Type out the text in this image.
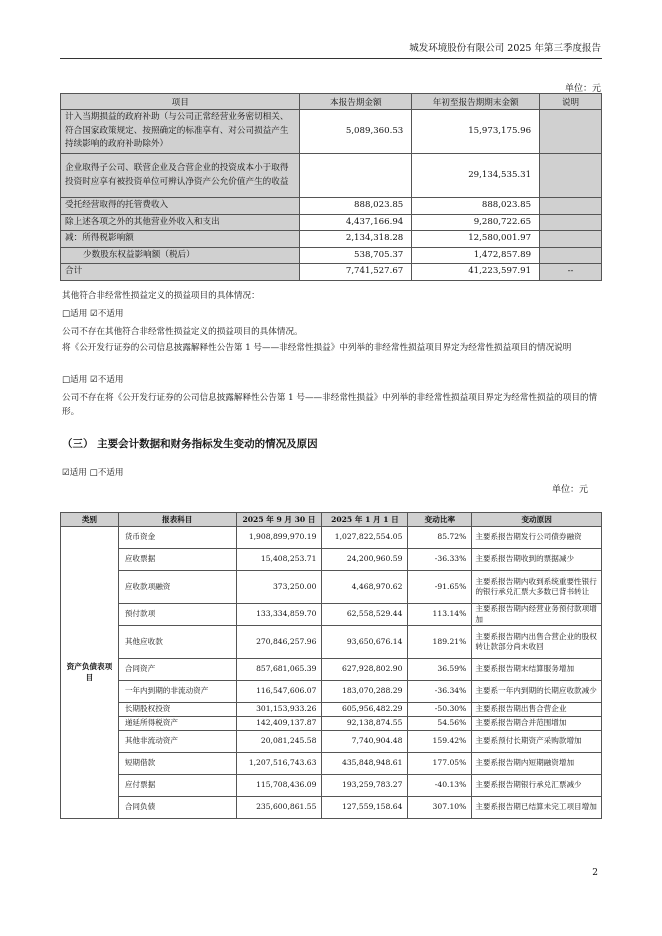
城发环境股份有限公司 2025 年第三季度报告
单位：元
项目	本报告期金额	年初至报告期期末金额	说明
计入当期损益的政府补助（与公司正常经营业务密切相关、符合国家政策规定、按照确定的标准享有、对公司损益产生持续影响的政府补助除外）	5,089,360.53	15,973,175.96	
企业取得子公司、联营企业及合营企业的投资成本小于取得投资时应享有被投资单位可辨认净资产公允价值产生的收益		29,134,535.31	
受托经营取得的托管费收入	888,023.85	888,023.85	
除上述各项之外的其他营业外收入和支出	4,437,166.94	9,280,722.65	
减：所得税影响额	2,134,318.28	12,580,001.97	
少数股东权益影响额（税后）	538,705.37	1,472,857.89	
合计	7,741,527.67	41,223,597.91	--
其他符合非经常性损益定义的损益项目的具体情况：
□适用 ☑不适用
公司不存在其他符合非经常性损益定义的损益项目的具体情况。
将《公开发行证券的公司信息披露解释性公告第 1 号——非经常性损益》中列举的非经常性损益项目界定为经常性损益项目的情况说明
□适用 ☑不适用
公司不存在将《公开发行证券的公司信息披露解释性公告第 1 号——非经常性损益》中列举的非经常性损益项目界定为经常性损益的项目的情形。
（三） 主要会计数据和财务指标发生变动的情况及原因
☑适用 □不适用
单位：元
类别	报表科目	2025 年 9 月 30 日	2025 年 1 月 1 日	变动比率	变动原因
资产负债表项目	货币资金	1,908,899,970.19	1,027,822,554.05	85.72%	主要系报告期发行公司债券融资
	应收票据	15,408,253.71	24,200,960.59	-36.33%	主要系报告期收到的票据减少
	应收款项融资	373,250.00	4,468,970.62	-91.65%	主要系报告期内收到系统重要性银行的银行承兑汇票大多数已背书转让
	预付款项	133,334,859.70	62,558,529.44	113.14%	主要系报告期内经营业务预付款项增加
	其他应收款	270,846,257.96	93,650,676.14	189.21%	主要系报告期内出售合营企业的股权转让款部分尚未收回
	合同资产	857,681,065.39	627,928,802.90	36.59%	主要系报告期末结算服务增加
	一年内到期的非流动资产	116,547,606.07	183,070,288.29	-36.34%	主要系一年内到期的长期应收款减少
	长期股权投资	301,153,933.26	605,956,482.29	-50.30%	主要系报告期出售合营企业
	递延所得税资产	142,409,137.87	92,138,874.55	54.56%	主要系报告期合并范围增加
	其他非流动资产	20,081,245.58	7,740,904.48	159.42%	主要系预付长期资产采购款增加
	短期借款	1,207,516,743.63	435,848,948.61	177.05%	主要系报告期内短期融资增加
	应付票据	115,708,436.09	193,259,783.27	-40.13%	主要系报告期银行承兑汇票减少
	合同负债	235,600,861.55	127,559,158.64	307.10%	主要系报告期已结算未完工项目增加
2
